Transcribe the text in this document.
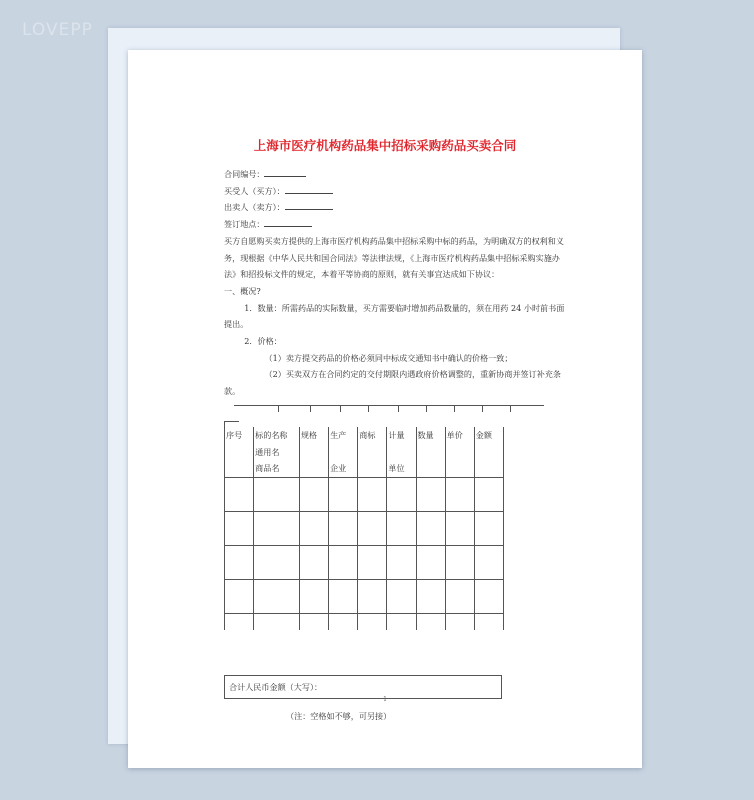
LOVEPP
上海市医疗机构药品集中招标采购药品买卖合同

合同编号：

买受人（买方）：

出卖人（卖方）：

签订地点：

买方自愿购买卖方提供的上海市医疗机构药品集中招标采购中标的药品，为明确双方的权利和义务，现根据《中华人民共和国合同法》等法律法规，《上海市医疗机构药品集中招标采购实施办法》和招投标文件的规定，本着平等协商的原则，就有关事宜达成如下协议：

一、概况?

1．数量：所需药品的实际数量，买方需要临时增加药品数量的，须在用药 24 小时前书面提出。

2．价格：

（1）卖方提交药品的价格必须同中标成交通知书中确认的价格一致；

（2）买卖双方在合同约定的交付期限内遇政府价格调整的，重新协商并签订补充条款。

序号	标的名称	规格	生产	商标	计量	数量	单价	金额
	通用名							
	商品名		企业		单位			

合计人民币金额（大写）：
（注：空格如不够，可另接）
1
